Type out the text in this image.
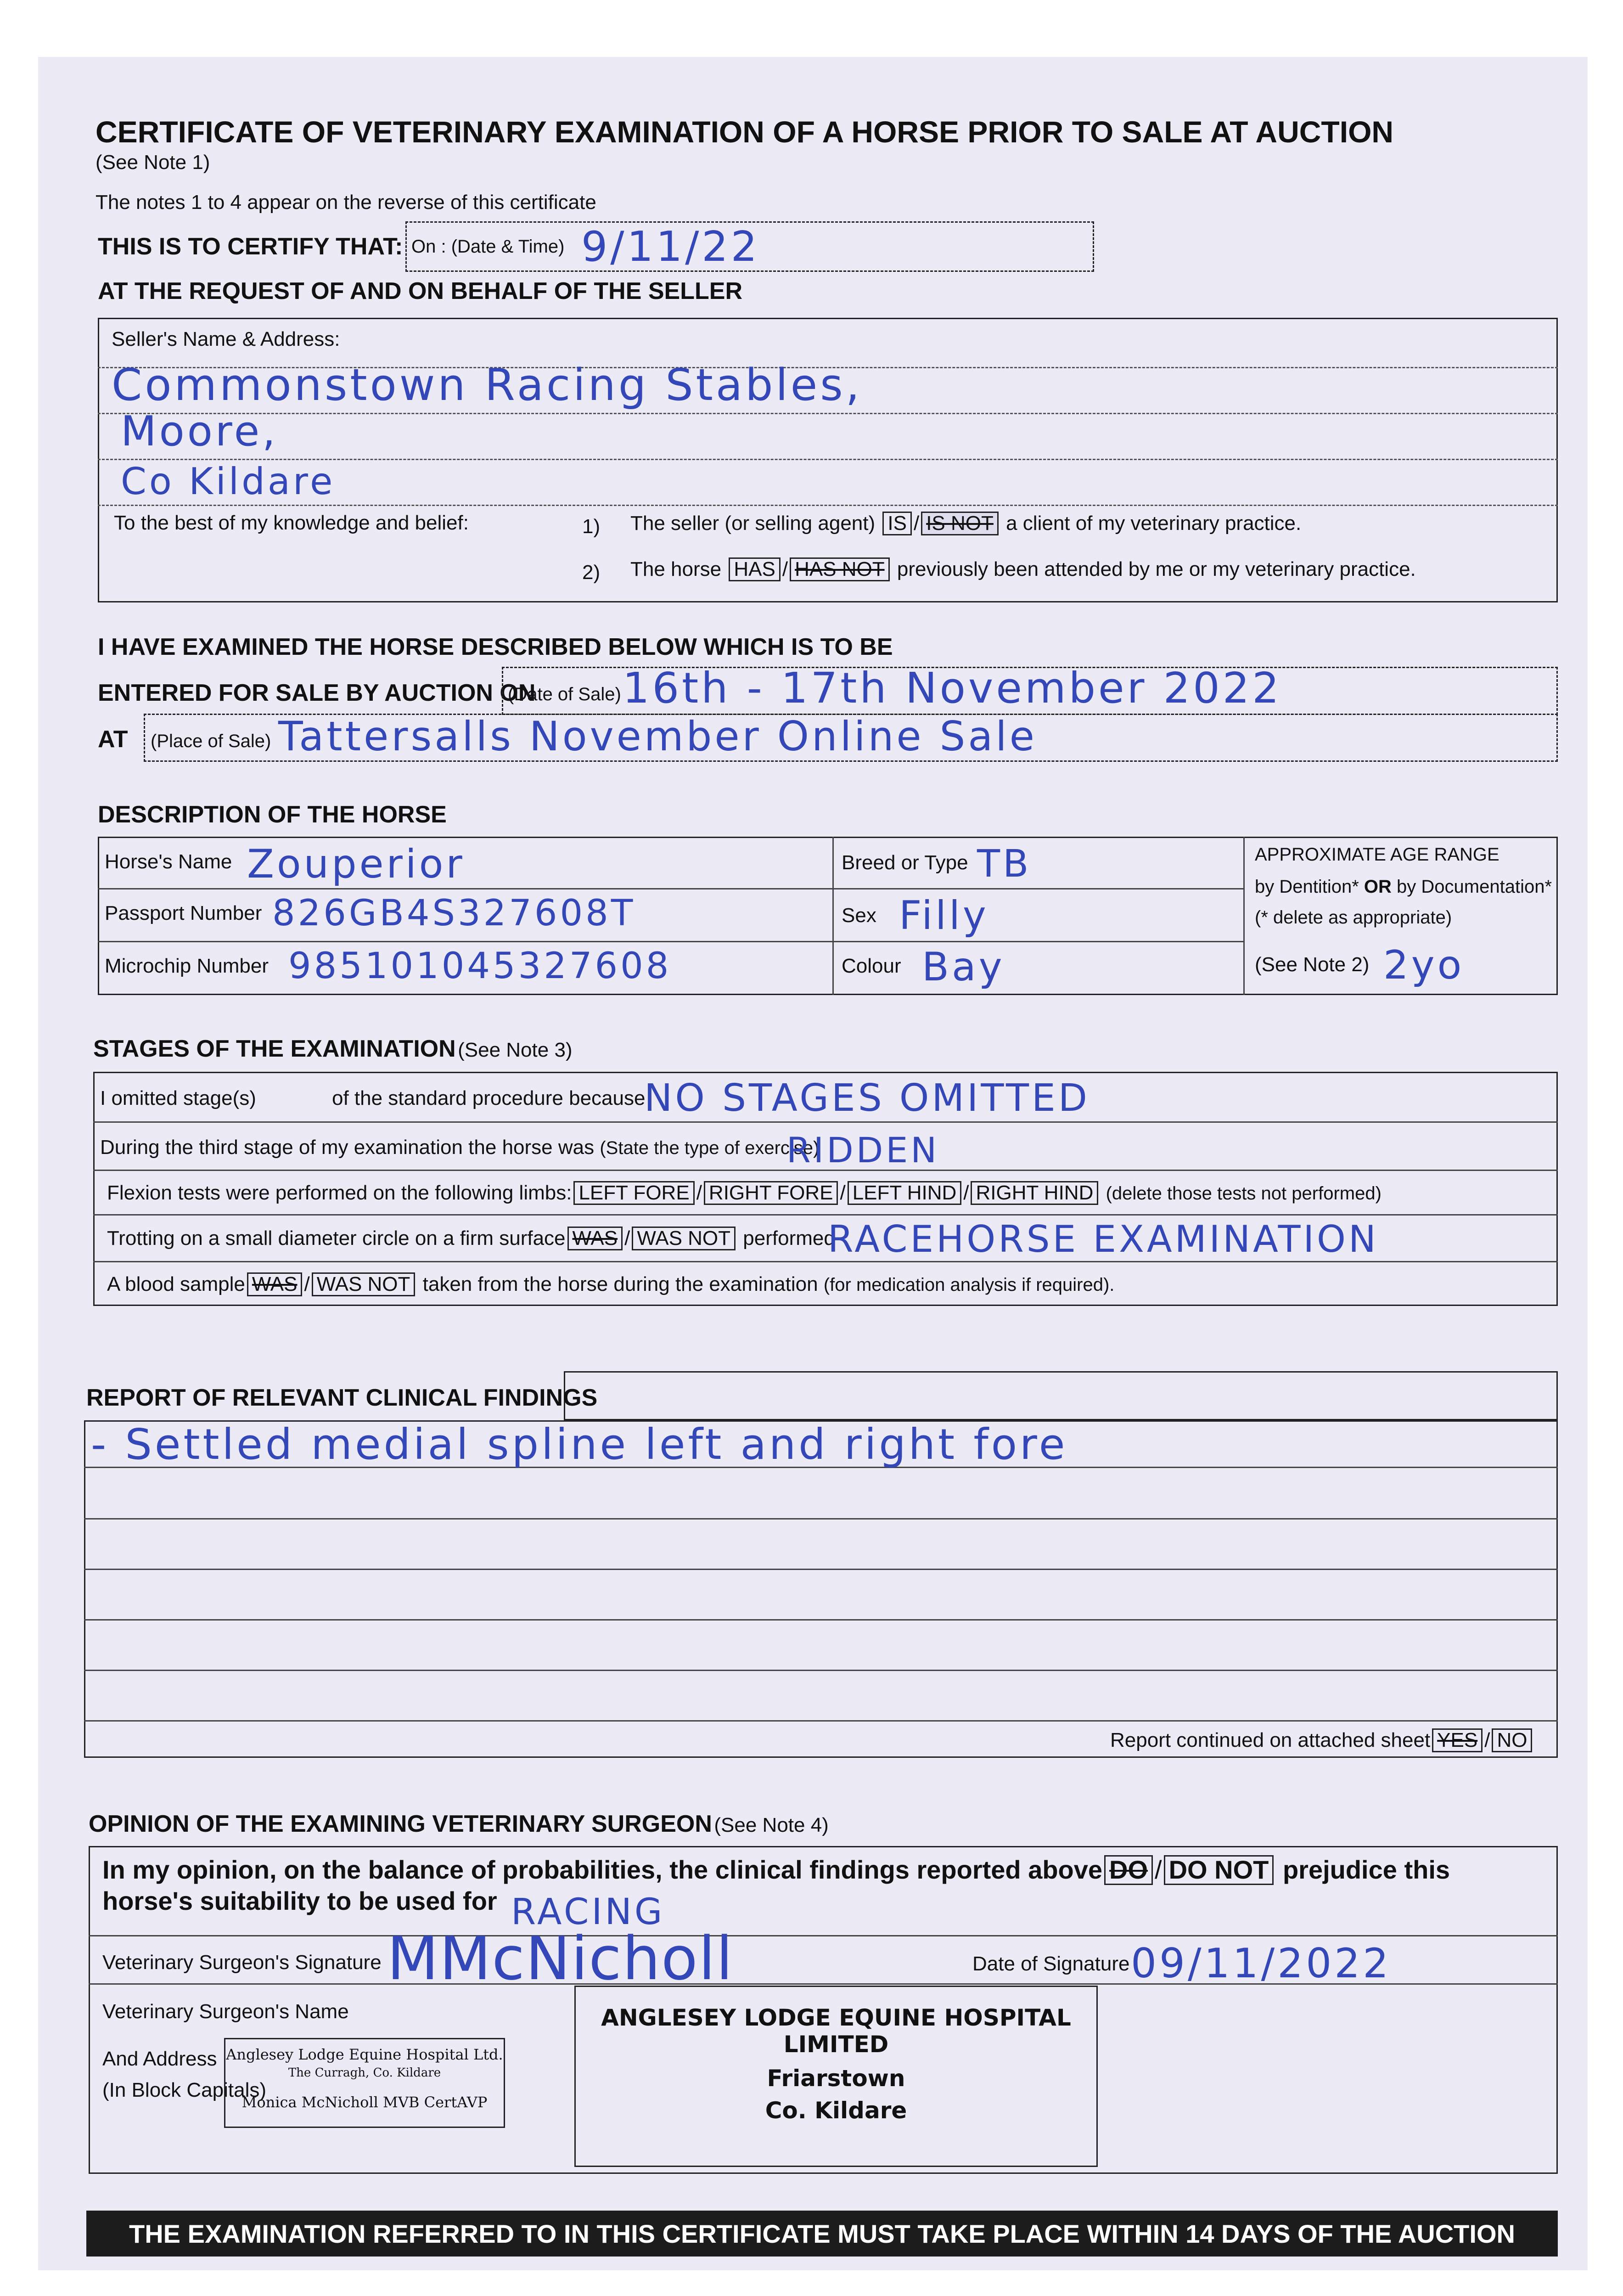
CERTIFICATE OF VETERINARY EXAMINATION OF A HORSE PRIOR TO SALE AT AUCTION
(See Note 1)
The notes 1 to 4 appear on the reverse of this certificate
THIS IS TO CERTIFY THAT: On : (Date & Time) 9/11/22
AT THE REQUEST OF AND ON BEHALF OF THE SELLER
Seller's Name & Address:
Commonstown Racing Stables,
Moore,
Co Kildare
To the best of my knowledge and belief:	1) The seller (or selling agent) IS / IS NOT a client of my veterinary practice.
2) The horse HAS / HAS NOT previously been attended by me or my veterinary practice.
I HAVE EXAMINED THE HORSE DESCRIBED BELOW WHICH IS TO BE
ENTERED FOR SALE BY AUCTION ON
(Date of Sale) 16th - 17th November 2022
AT (Place of Sale) Tattersalls November Online Sale
DESCRIPTION OF THE HORSE
Horse's Name Zouperior
Passport Number 826GB4S327608T
Microchip Number 985101045327608
Breed or Type TB
Sex Filly
Colour Bay
APPROXIMATE AGE RANGE
by Dentition* OR by Documentation*
(* delete as appropriate)
(See Note 2) 2yo
STAGES OF THE EXAMINATION (See Note 3)
I omitted stage(s)	of the standard procedure because
NO STAGES OMITTED
During the third stage of my examination the horse was (State the type of exercise)
RIDDEN
Flexion tests were performed on the following limbs: LEFT FORE / RIGHT FORE / LEFT HIND / RIGHT HIND (delete those tests not performed)
Trotting on a small diameter circle on a firm surface WAS / WAS NOT performed
RACEHORSE EXAMINATION
A blood sample WAS / WAS NOT taken from the horse during the examination (for medication analysis if required).
REPORT OF RELEVANT CLINICAL FINDINGS
- Settled medial spline left and right fore
Report continued on attached sheet YES / NO
OPINION OF THE EXAMINING VETERINARY SURGEON (See Note 4)
In my opinion, on the balance of probabilities, the clinical findings reported above DO / DO NOT prejudice this
horse's suitability to be used for RACING
Veterinary Surgeon's Signature MMcNicholl	Date of Signature 09/11/2022
Veterinary Surgeon's Name
And Address
(In Block Capitals)
Anglesey Lodge Equine Hospital Ltd.
The Curragh, Co. Kildare
Monica McNicholl MVB CertAVP
ANGLESEY LODGE EQUINE HOSPITAL LIMITED
Friarstown
Co. Kildare
THE EXAMINATION REFERRED TO IN THIS CERTIFICATE MUST TAKE PLACE WITHIN 14 DAYS OF THE AUCTION
